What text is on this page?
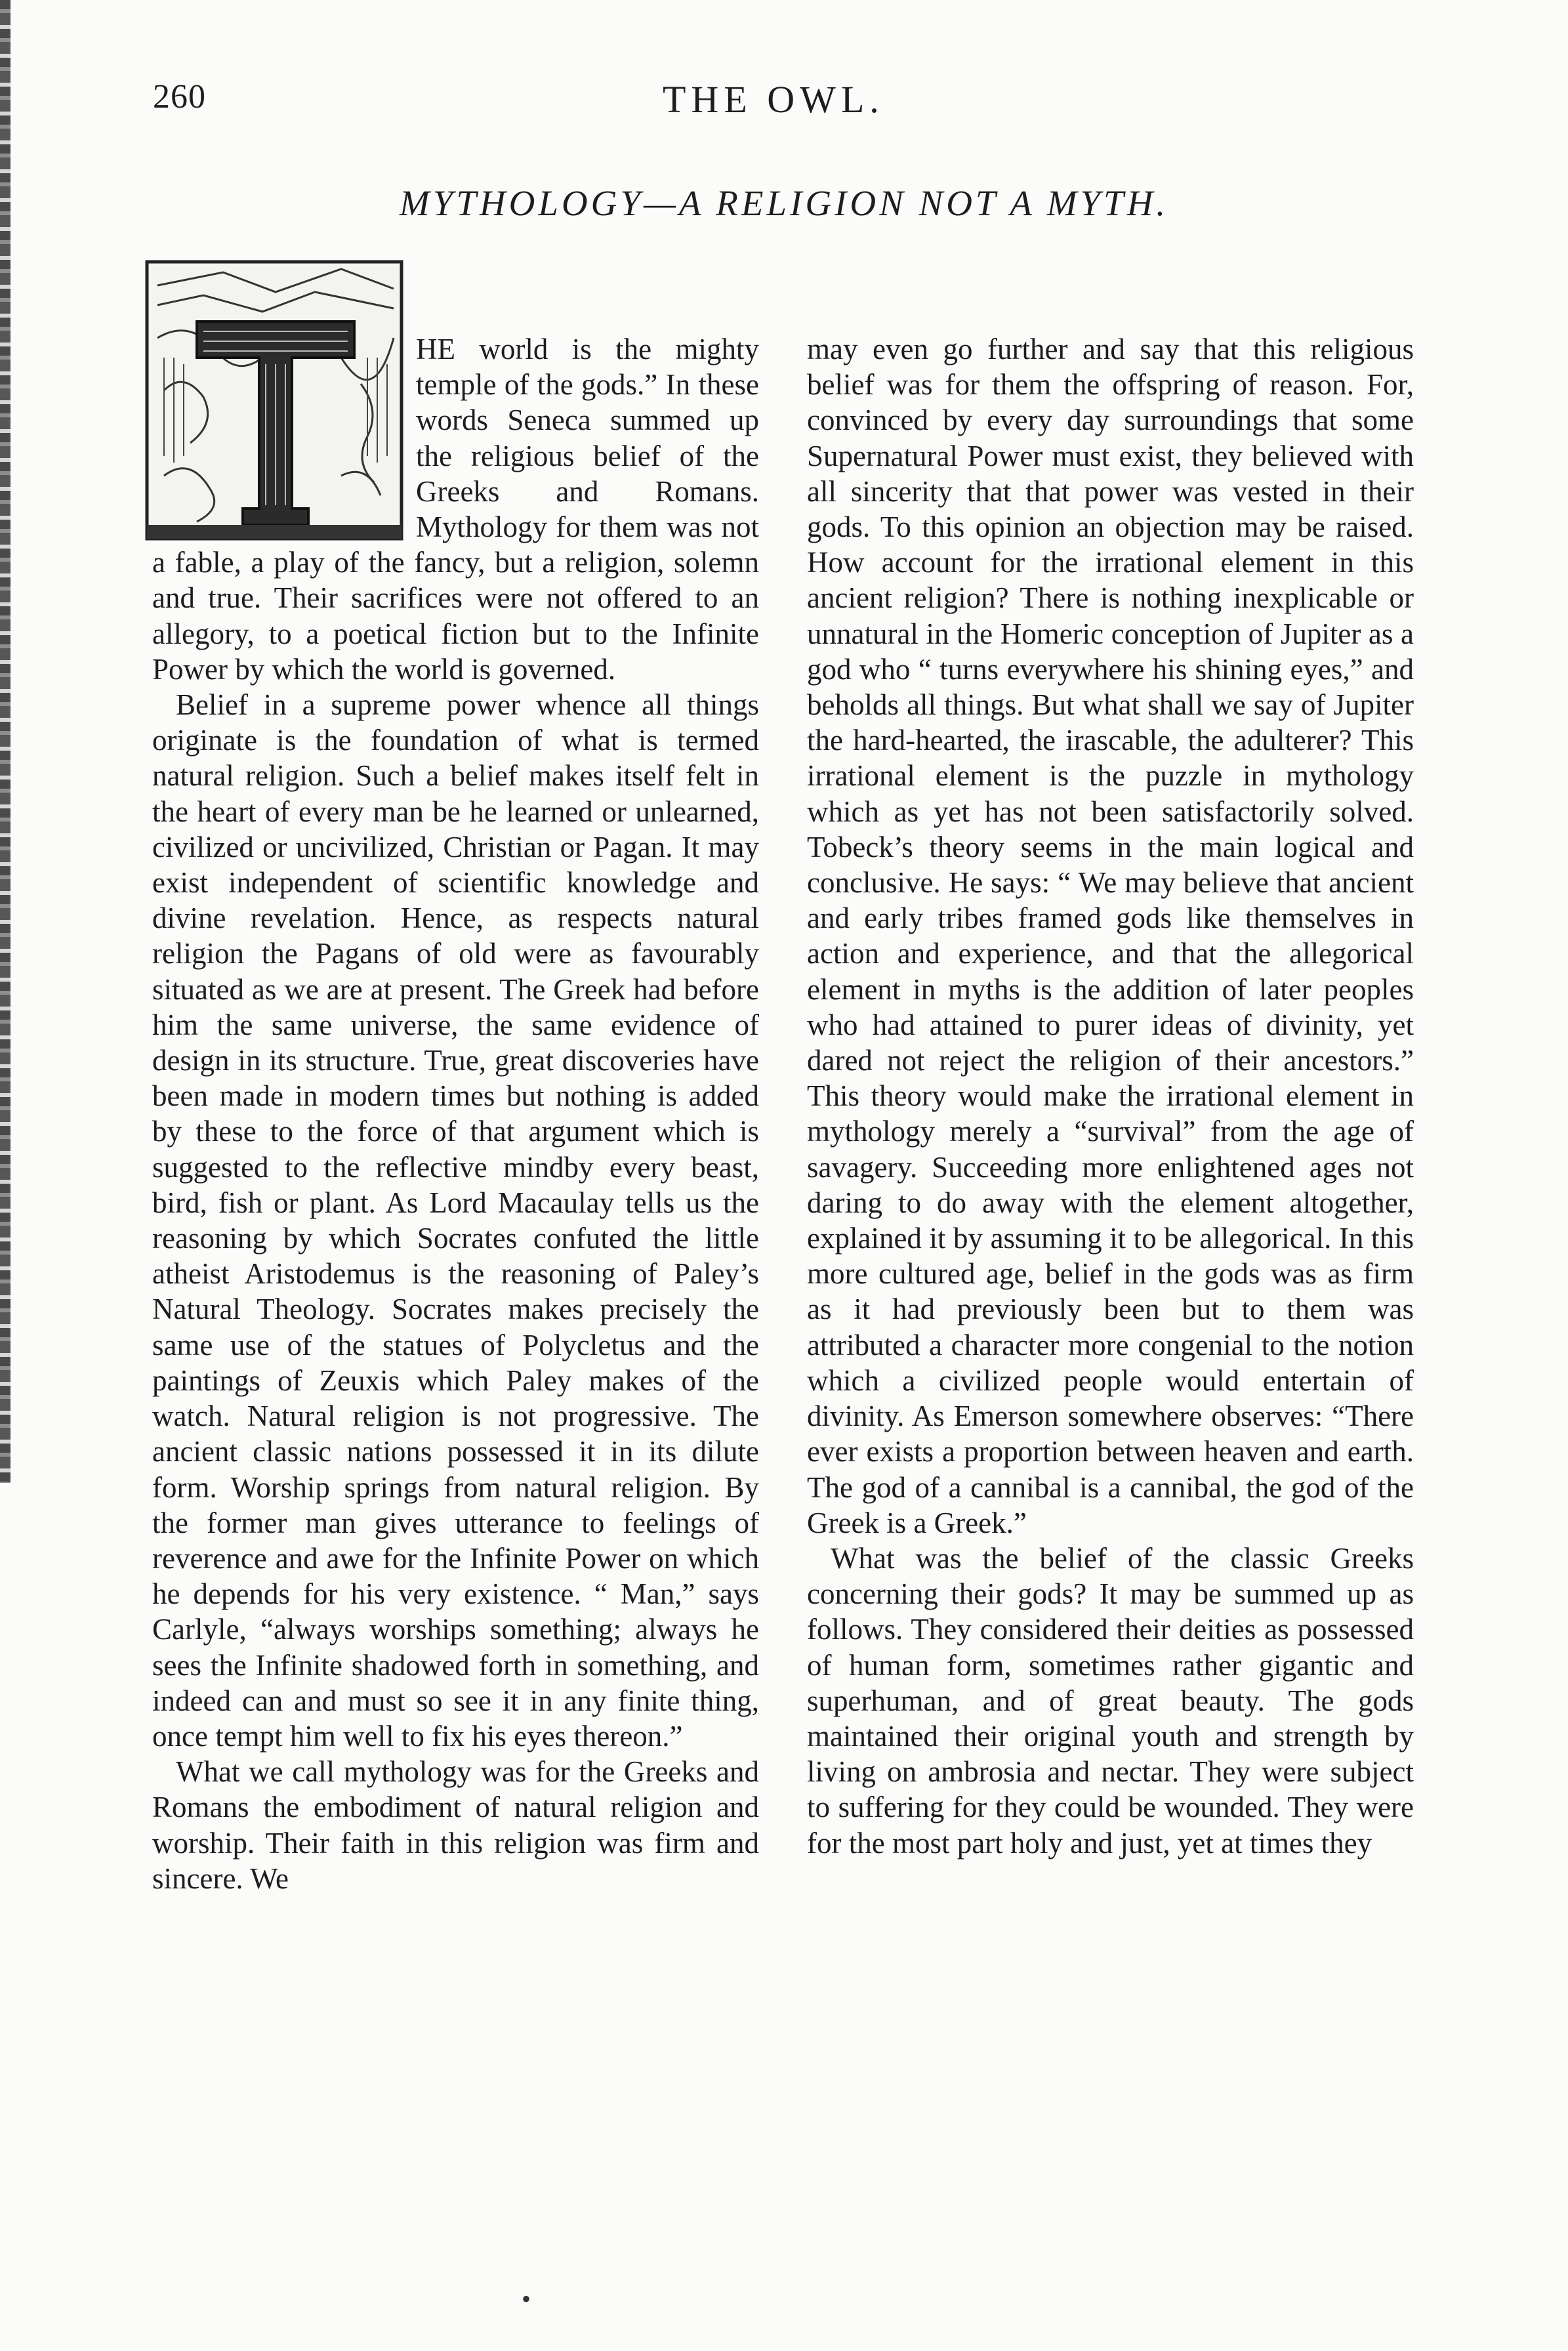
260	THE OWL.
MYTHOLOGY—A RELIGION NOT A MYTH.

HE world is the mighty temple of the gods.” In these words Seneca summed up the religious belief of the Greeks and Romans. Mythology for them was not a fable, a play of the fancy, but a religion, solemn and true. Their sacrifices were not offered to an allegory, to a poetical fiction but to the Infinite Power by which the world is governed.

Belief in a supreme power whence all things originate is the foundation of what is termed natural religion. Such a belief makes itself felt in the heart of every man be he learned or unlearned, civilized or uncivilized, Christian or Pagan. It may exist independent of scientific knowledge and divine revelation. Hence, as respects natural religion the Pagans of old were as favourably situated as we are at present. The Greek had before him the same universe, the same evidence of design in its structure. True, great discoveries have been made in modern times but nothing is added by these to the force of that argument which is suggested to the reflective mindby every beast, bird, fish or plant. As Lord Macaulay tells us the reasoning by which Socrates confuted the little atheist Aristodemus is the reasoning of Paley’s Natural Theology. Socrates makes precisely the same use of the statues of Polycletus and the paintings of Zeuxis which Paley makes of the watch. Natural religion is not progressive. The ancient classic nations possessed it in its dilute form. Worship springs from natural religion. By the former man gives utterance to feelings of reverence and awe for the Infinite Power on which he depends for his very existence. “ Man,” says Carlyle, “always worships something; always he sees the Infinite shadowed forth in something, and indeed can and must so see it in any finite thing, once tempt him well to fix his eyes thereon.”

What we call mythology was for the Greeks and Romans the embodiment of natural religion and worship. Their faith in this religion was firm and sincere. We

may even go further and say that this religious belief was for them the offspring of reason. For, convinced by every day surroundings that some Supernatural Power must exist, they believed with all sincerity that that power was vested in their gods. To this opinion an objection may be raised. How account for the irrational element in this ancient religion? There is nothing inexplicable or unnatural in the Homeric conception of Jupiter as a god who “ turns everywhere his shining eyes,” and beholds all things. But what shall we say of Jupiter the hard-hearted, the irascable, the adulterer? This irrational element is the puzzle in mythology which as yet has not been satisfactorily solved. Tobeck’s theory seems in the main logical and conclusive. He says: “ We may believe that ancient and early tribes framed gods like themselves in action and experience, and that the allegorical element in myths is the addition of later peoples who had attained to purer ideas of divinity, yet dared not reject the religion of their ancestors.” This theory would make the irrational element in mythology merely a “survival” from the age of savagery. Succeeding more enlightened ages not daring to do away with the element altogether, explained it by assuming it to be allegorical. In this more cultured age, belief in the gods was as firm as it had previously been but to them was attributed a character more congenial to the notion which a civilized people would entertain of divinity. As Emerson somewhere observes: “There ever exists a proportion between heaven and earth. The god of a cannibal is a cannibal, the god of the Greek is a Greek.”

What was the belief of the classic Greeks concerning their gods? It may be summed up as follows. They considered their deities as possessed of human form, sometimes rather gigantic and superhuman, and of great beauty. The gods maintained their original youth and strength by living on ambrosia and nectar. They were subject to suffering for they could be wounded. They were for the most part holy and just, yet at times they

•
